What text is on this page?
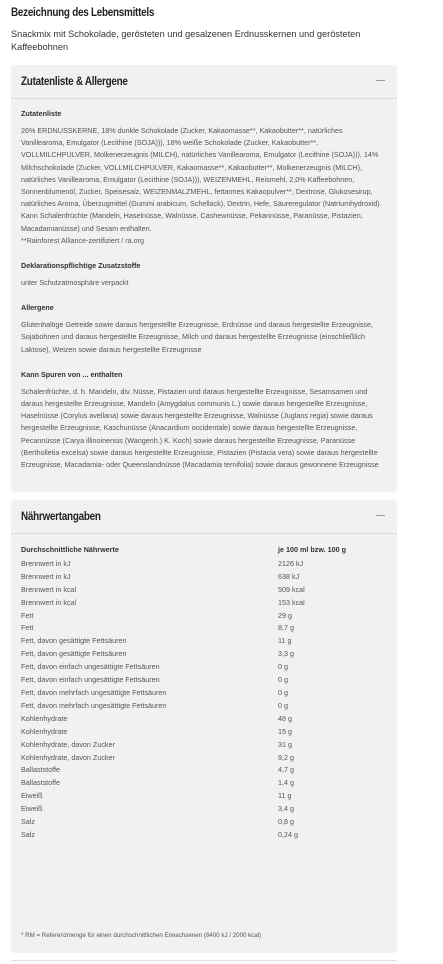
Bezeichnung des Lebensmittels
Snackmix mit Schokolade, gerösteten und gesalzenen Erdnusskernen und gerösteten Kaffeebohnen
Zutatenliste & Allergene
Zutatenliste
26% ERDNUSSKERNE, 18% dunkle Schokolade (Zucker, Kakaomasse**, Kakaobutter**, natürliches Vanillearoma, Emulgator (Lecithine (SOJA))), 18% weiße Schokolade (Zucker, Kakaobutter**, VOLLMILCHPULVER, Molkenerzeugnis (MILCH), natürliches Vanillearoma, Emulgator (Lecithine (SOJA))), 14% Milchschokolade (Zucker, VOLLMILCHPULVER, Kakaomasse**, Kakaobutter**, Molkenerzeugnis (MILCH), natürliches Vanillearoma, Emulgator (Lecithine (SOJA))), WEIZENMEHL, Reismehl, 2,0% Kaffeebohnen, Sonnenblumenöl, Zucker, Speisesalz, WEIZENMALZMEHL, fettarmes Kakaopulver**, Dextrose, Glukosesirup, natürliches Aroma, Überzugmittel (Gummi arabicum, Schellack), Dextrin, Hefe, Säureregulator (Natriumhydroxid). Kann Schalenfrüchte (Mandeln, Haselnüsse, Walnüsse, Cashewnüsse, Pekannüsse, Paranüsse, Pistazien, Macadamianüsse) und Sesam enthalten.
**Rainforest Alliance-zertifiziert / ra.org
Deklarationspflichtige Zusatzstoffe
unter Schutzatmosphäre verpackt
Allergene
Glutenhaltige Getreide sowie daraus hergestellte Erzeugnisse, Erdnüsse und daraus hergestellte Erzeugnisse, Sojabohnen und daraus hergestellte Erzeugnisse, Milch und daraus hergestellte Erzeugnisse (einschließlich Laktose), Weizen sowie daraus hergestellte Erzeugnisse
Kann Spuren von ... enthalten
Schalenfrüchte, d. h. Mandeln, div. Nüsse, Pistazien und daraus hergestellte Erzeugnisse, Sesamsamen und daraus hergestellte Erzeugnisse, Mandeln (Amygdalus communis L.) sowie daraus hergestellte Erzeugnisse, Haselnüsse (Corylus avellana) sowie daraus hergestellte Erzeugnisse, Walnüsse (Juglans regia) sowie daraus hergestellte Erzeugnisse, Kaschunüsse (Anacardium occidentale) sowie daraus hergestellte Erzeugnisse, Pecannüsse (Carya illinoinensis (Wangenh.) K. Koch) sowie daraus hergestellte Erzeugnisse, Paranüsse (Bertholletia excelsa) sowie daraus hergestellte Erzeugnisse, Pistazien (Pistacia vera) sowie daraus hergestellte Erzeugnisse, Macadamia- oder Queenslandnüsse (Macadamia ternifolia) sowie daraus gewonnene Erzeugnisse
Nährwertangaben
Durchschnittliche Nährwerte	je 100 ml bzw. 100 g
Brennwert in kJ	2126 kJ
Brennwert in kJ	638 kJ
Brennwert in kcal	509 kcal
Brennwert in kcal	153 kcal
Fett	29 g
Fett	8,7 g
Fett, davon gesättigte Fettsäuren	11 g
Fett, davon gesättigte Fettsäuren	3,3 g
Fett, davon einfach ungesättigte Fettsäuren	0 g
Fett, davon einfach ungesättigte Fettsäuren	0 g
Fett, davon mehrfach ungesättigte Fettsäuren	0 g
Fett, davon mehrfach ungesättigte Fettsäuren	0 g
Kohlenhydrate	48 g
Kohlenhydrate	15 g
Kohlenhydrate, davon Zucker	31 g
Kohlenhydrate, davon Zucker	9,2 g
Ballaststoffe	4,7 g
Ballaststoffe	1,4 g
Eiweiß	11 g
Eiweiß	3,4 g
Salz	0,8 g
Salz	0,24 g
* RM = Referenzmenge für einen durchschnittlichen Erwachsenen (8400 kJ / 2000 kcal)
